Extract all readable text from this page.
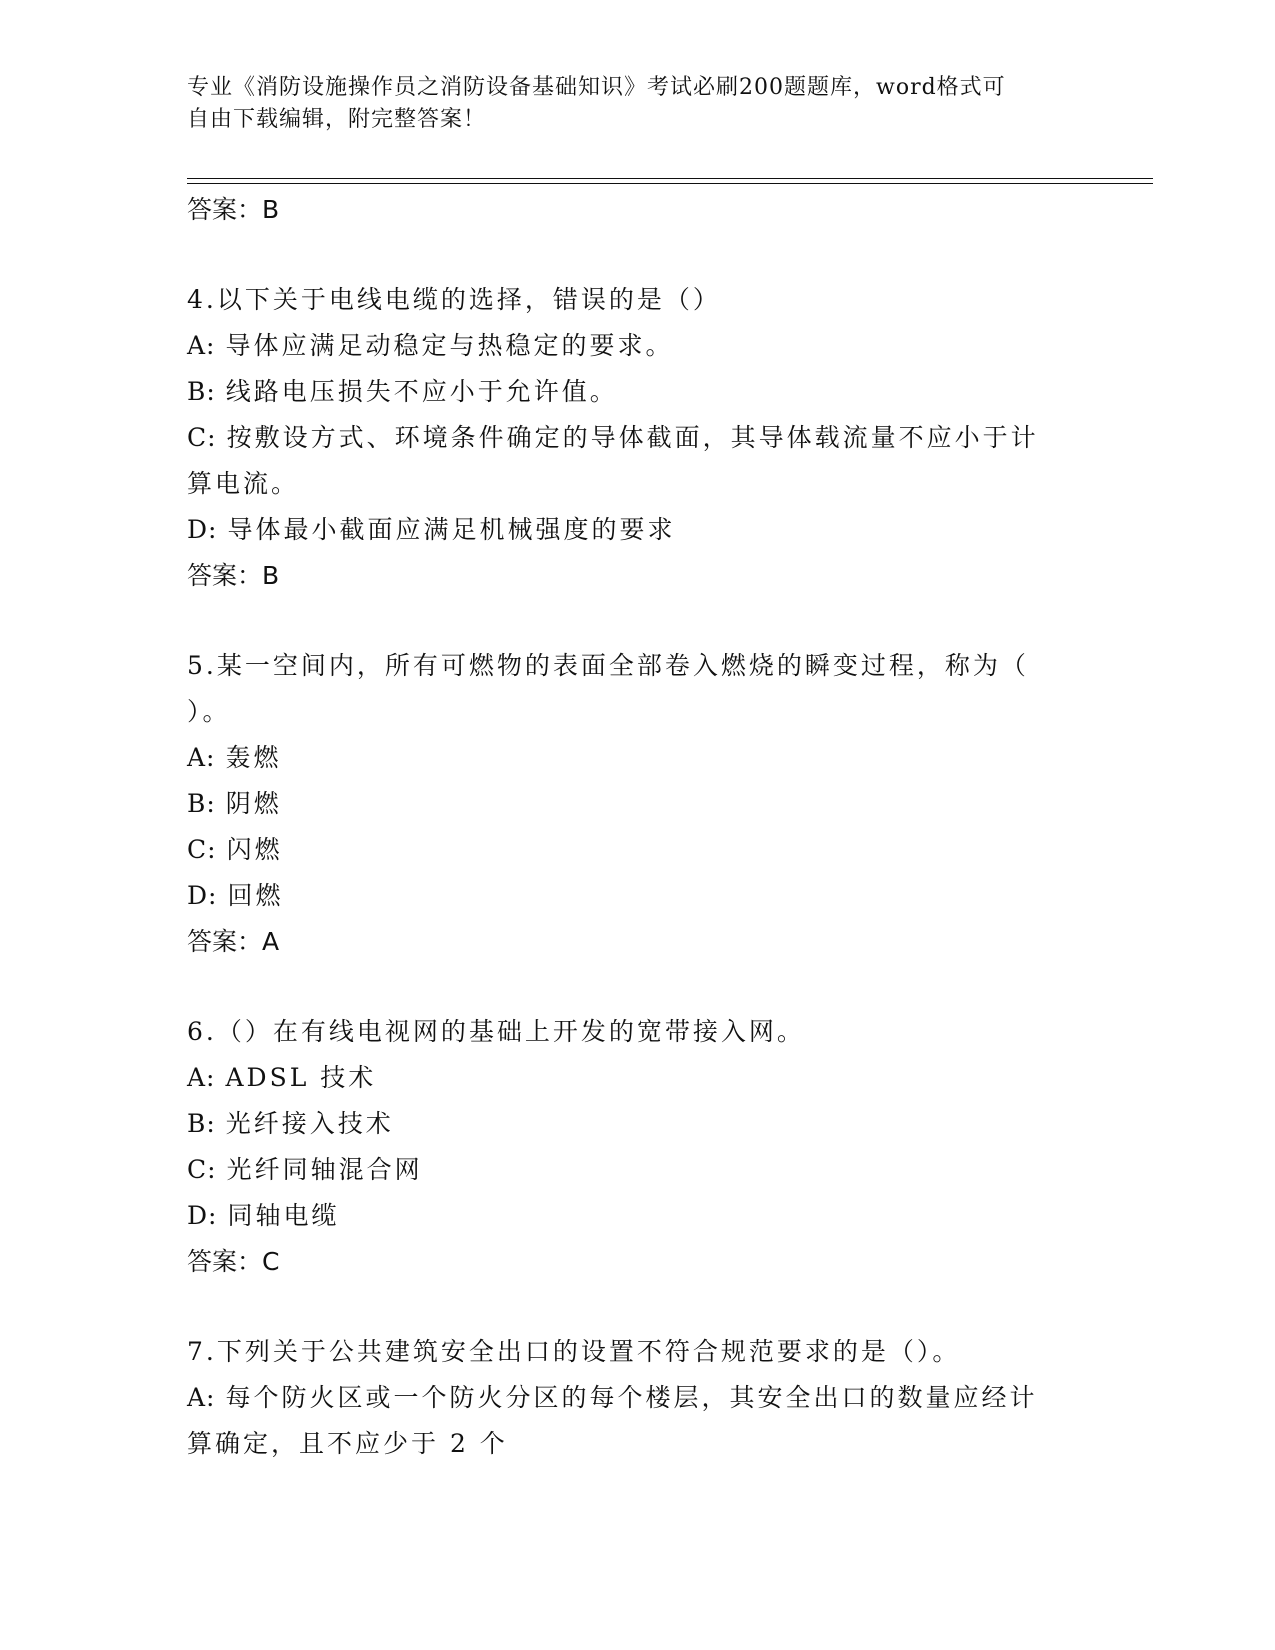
专业《消防设施操作员之消防设备基础知识》考试必刷200题题库，word格式可
自由下载编辑，附完整答案！
答案：B
4.以下关于电线电缆的选择，错误的是（）
A: 导体应满足动稳定与热稳定的要求。
B: 线路电压损失不应小于允许值。
C: 按敷设方式、环境条件确定的导体截面，其导体载流量不应小于计
算电流。
D: 导体最小截面应满足机械强度的要求
答案：B
5.某一空间内，所有可燃物的表面全部卷入燃烧的瞬变过程，称为（
）。
A: 轰燃
B: 阴燃
C: 闪燃
D: 回燃
答案：A
6.（）在有线电视网的基础上开发的宽带接入网。
A: ADSL 技术
B: 光纤接入技术
C: 光纤同轴混合网
D: 同轴电缆
答案：C
7.下列关于公共建筑安全出口的设置不符合规范要求的是（）。
A: 每个防火区或一个防火分区的每个楼层，其安全出口的数量应经计
算确定，且不应少于 2 个
